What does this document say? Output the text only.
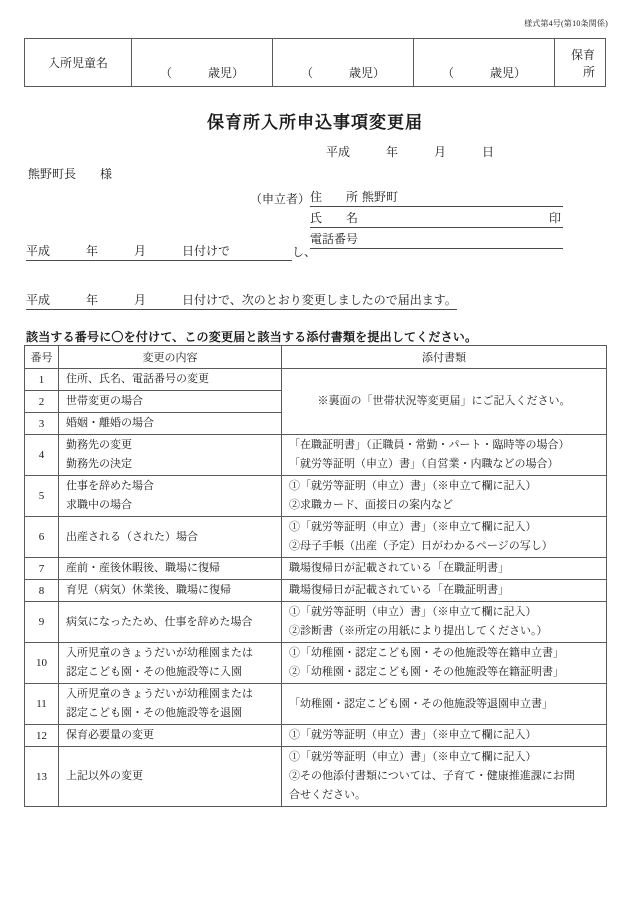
様式第4号(第10条関係)
入所児童名	（　　　歳児）	（　　　歳児）	（　　　歳児）	保育所
保育所入所申込事項変更届
平成　　　年　　　月　　　日
熊野町長　　様
（申立者） 住　　所 熊野町
氏　　名	印
電話番号
平成　　　年　　　月　　　日付けで	し、
平成　　　年　　　月　　　日付けで、次のとおり変更しましたので届出ます。
該当する番号に〇を付けて、この変更届と該当する添付書類を提出してください。
番号	変更の内容	添付書類
1	住所、氏名、電話番号の変更	※裏面の「世帯状況等変更届」にご記入ください。

2	世帯変更の場合	

3	婚姻・離婚の場合	

4	勤務先の変更
勤務先の決定	「在職証明書」（正職員・常勤・パート・臨時等の場合）
「就労等証明（申立）書」（自営業・内職などの場合）

5	仕事を辞めた場合
求職中の場合	①「就労等証明（申立）書」（※申立て欄に記入）
②求職カード、面接日の案内など

6	出産される（された）場合	①「就労等証明（申立）書」（※申立て欄に記入）
②母子手帳（出産（予定）日がわかるページの写し）

7	産前・産後休暇後、職場に復帰	職場復帰日が記載されている「在職証明書」

8	育児（病気）休業後、職場に復帰	職場復帰日が記載されている「在職証明書」

9	病気になったため、仕事を辞めた場合	①「就労等証明（申立）書」（※申立て欄に記入）
②診断書（※所定の用紙により提出してください。）

10	入所児童のきょうだいが幼稚園または
認定こども園・その他施設等に入園	①「幼稚園・認定こども園・その他施設等在籍申立書」
②「幼稚園・認定こども園・その他施設等在籍証明書」

11	入所児童のきょうだいが幼稚園または
認定こども園・その他施設等を退園	「幼稚園・認定こども園・その他施設等退園申立書」

12	保育必要量の変更	①「就労等証明（申立）書」（※申立て欄に記入）

13	上記以外の変更	①「就労等証明（申立）書」（※申立て欄に記入）
②その他添付書類については、子育て・健康推進課にお問
合せください。
